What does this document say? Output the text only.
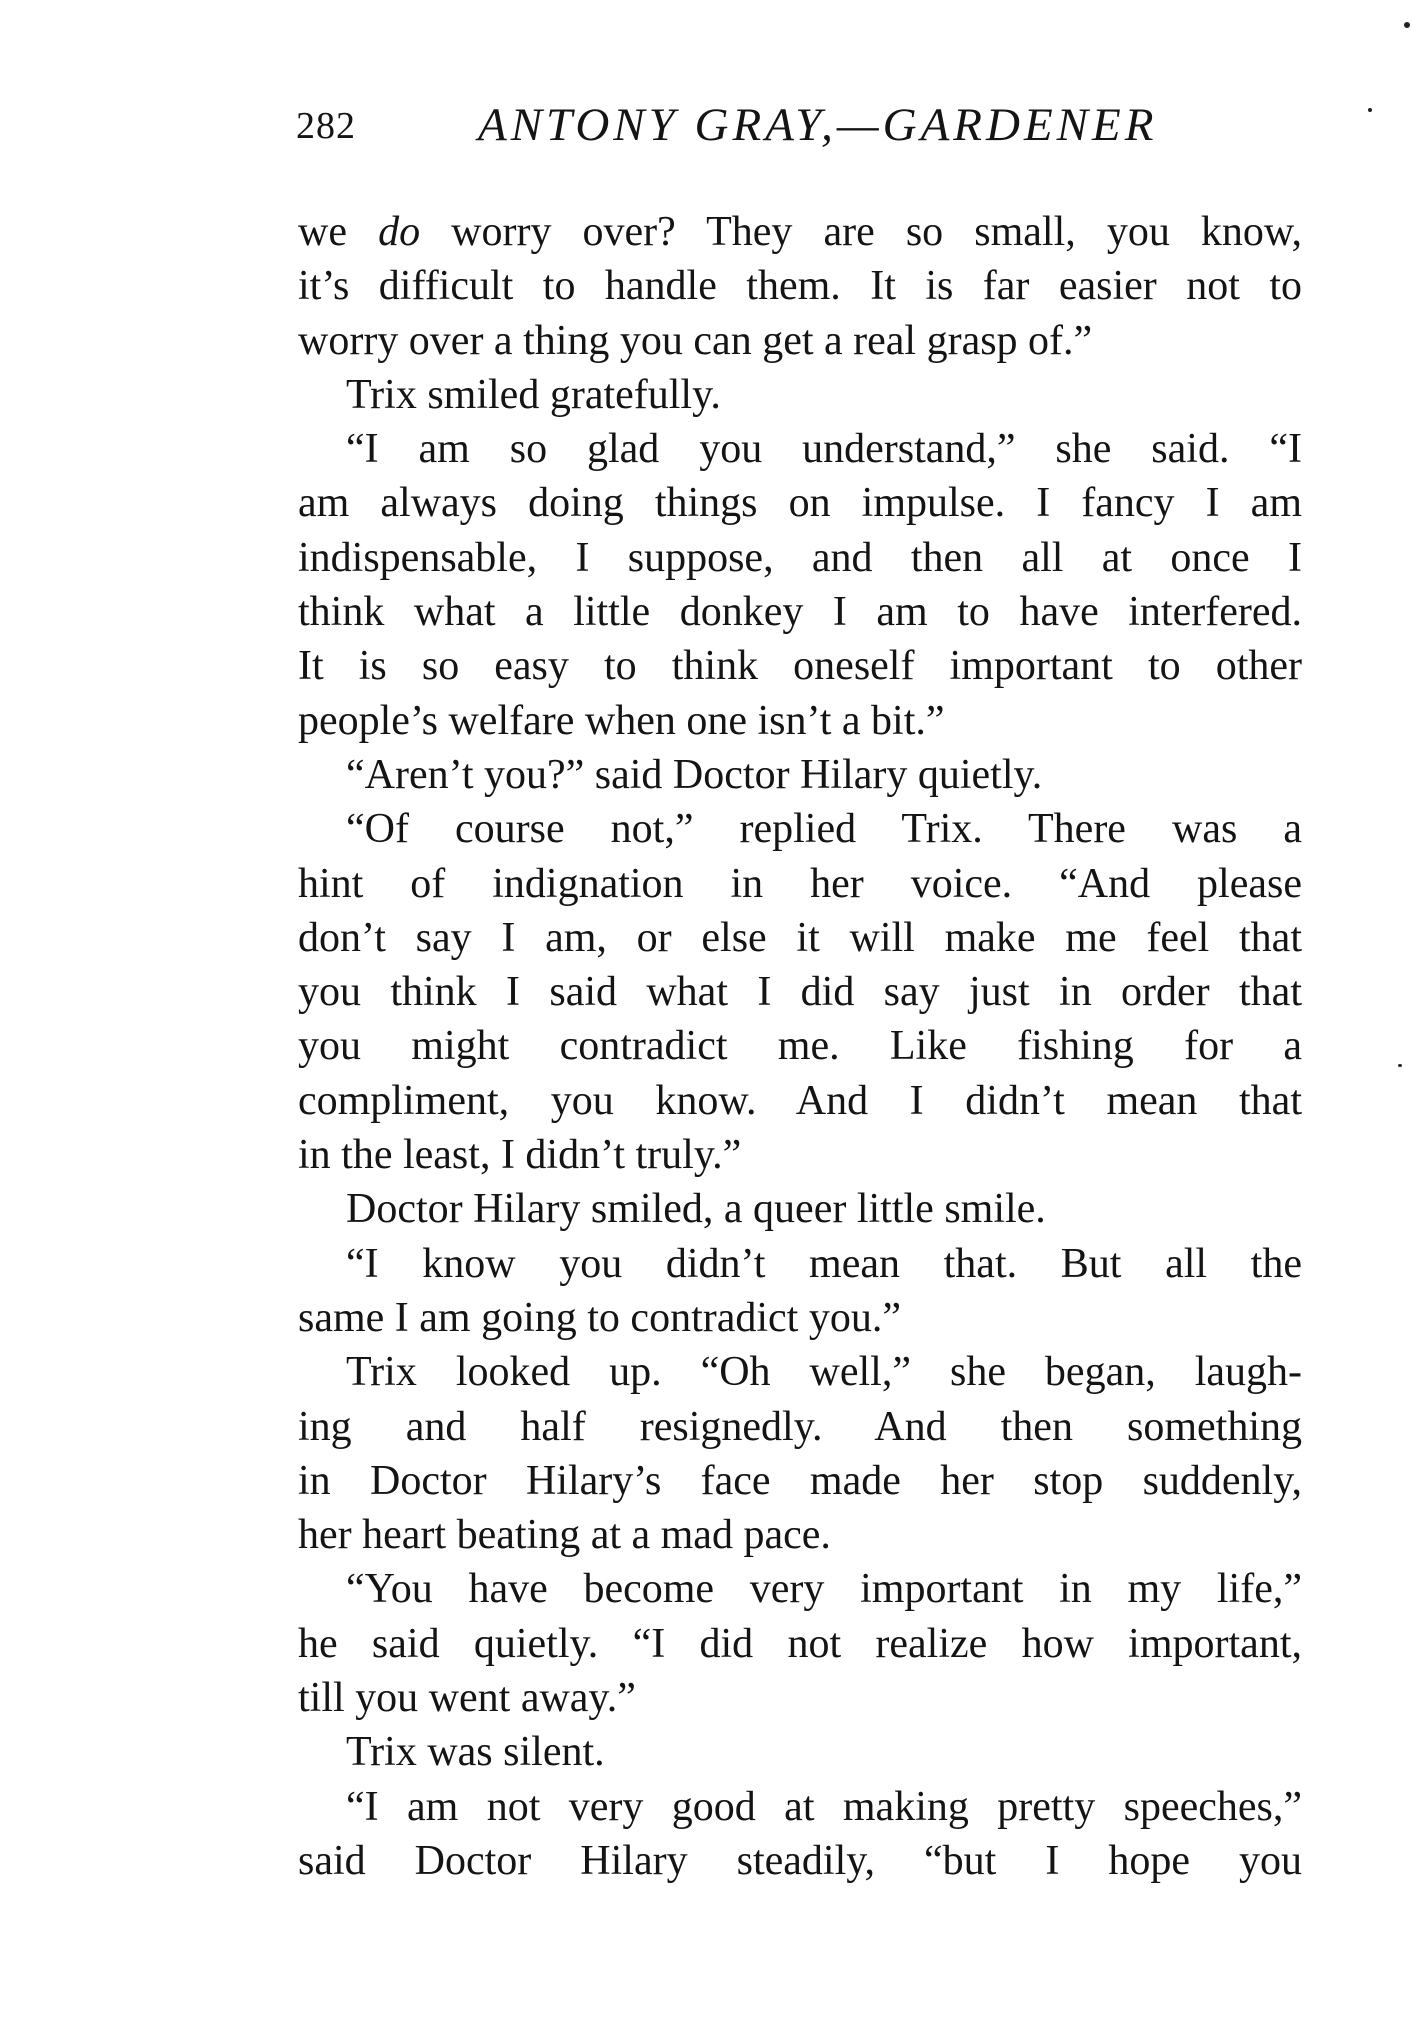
282	ANTONY GRAY,—GARDENER
we do worry over? They are so small, you know,
it’s difficult to handle them. It is far easier not to
worry over a thing you can get a real grasp of.”
Trix smiled gratefully.
“I am so glad you understand,” she said. “I
am always doing things on impulse. I fancy I am
indispensable, I suppose, and then all at once I
think what a little donkey I am to have interfered.
It is so easy to think oneself important to other
people’s welfare when one isn’t a bit.”
“Aren’t you?” said Doctor Hilary quietly.
“Of course not,” replied Trix. There was a
hint of indignation in her voice. “And please
don’t say I am, or else it will make me feel that
you think I said what I did say just in order that
you might contradict me. Like fishing for a
compliment, you know. And I didn’t mean that
in the least, I didn’t truly.”
Doctor Hilary smiled, a queer little smile.
“I know you didn’t mean that. But all the
same I am going to contradict you.”
Trix looked up. “Oh well,” she began, laugh-
ing and half resignedly. And then something
in Doctor Hilary’s face made her stop suddenly,
her heart beating at a mad pace.
“You have become very important in my life,”
he said quietly. “I did not realize how important,
till you went away.”
Trix was silent.
“I am not very good at making pretty speeches,”
said Doctor Hilary steadily, “but I hope you
